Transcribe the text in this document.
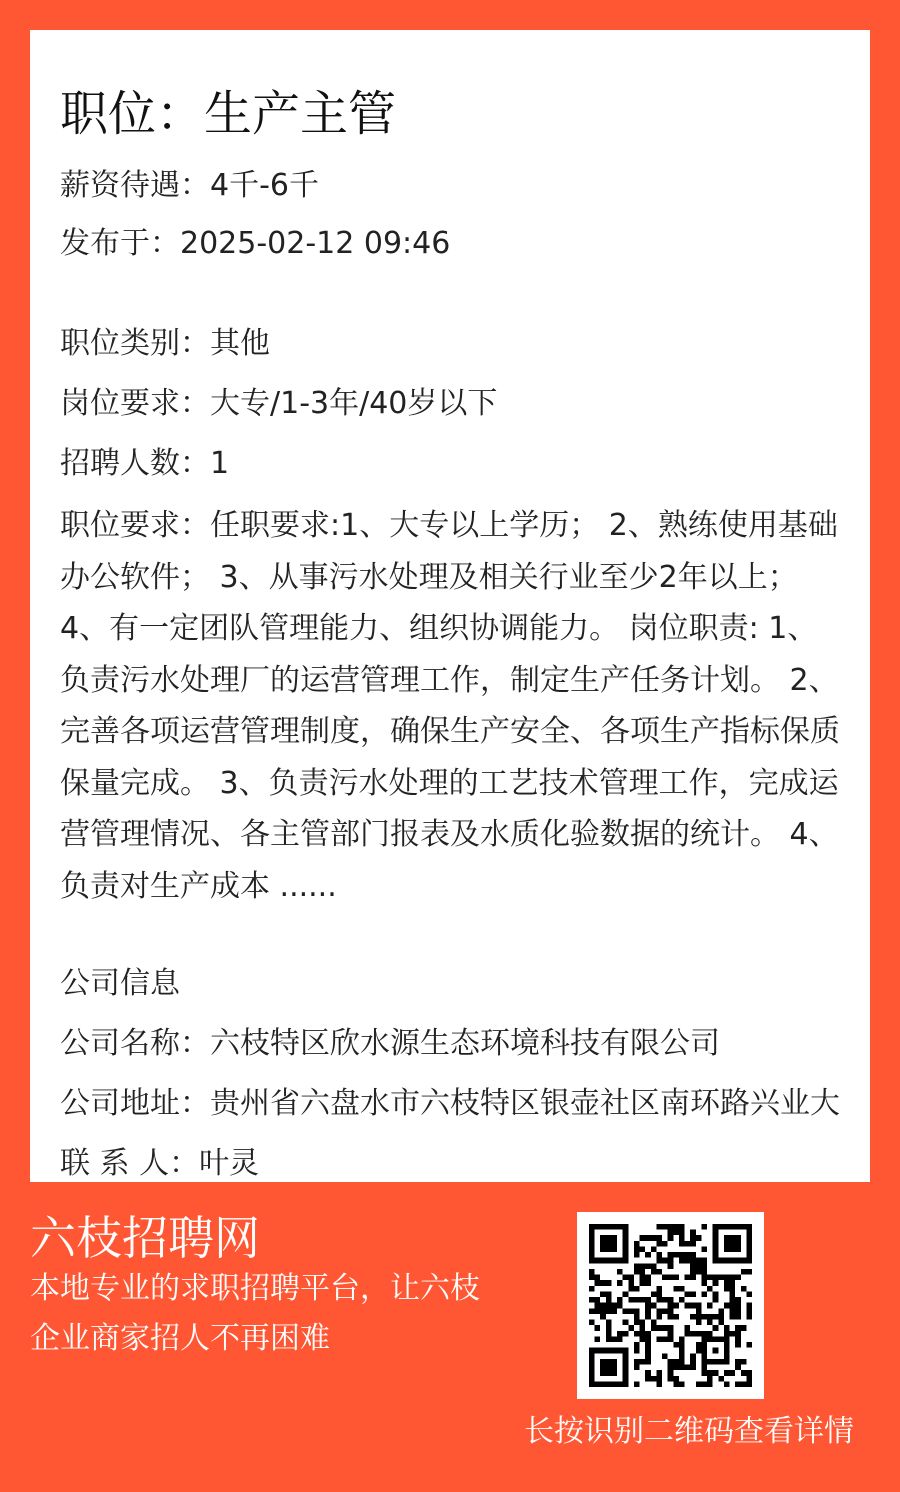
职位：生产主管
薪资待遇：4千-6千
发布于：2025-02-12 09:46
职位类别：其他
岗位要求：大专/1-3年/40岁以下
招聘人数：1
职位要求：任职要求:1、大专以上学历； 2、熟练使用基础办公软件； 3、从事污水处理及相关行业至少2年以上； 4、有一定团队管理能力、组织协调能力。 岗位职责: 1、负责污水处理厂的运营管理工作，制定生产任务计划。 2、完善各项运营管理制度，确保生产安全、各项生产指标保质保量完成。 3、负责污水处理的工艺技术管理工作，完成运营管理情况、各主管部门报表及水质化验数据的统计。 4、负责对生产成本 ......
公司信息
公司名称：六枝特区欣水源生态环境科技有限公司
公司地址：贵州省六盘水市六枝特区银壶社区南环路兴业大
联 系 人：叶灵
六枝招聘网
本地专业的求职招聘平台，让六枝企业商家招人不再困难
长按识别二维码查看详情
